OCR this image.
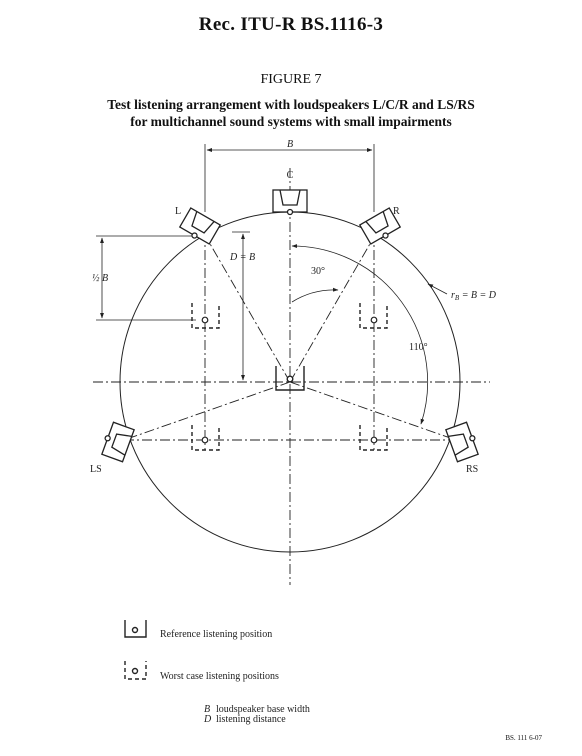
Rec. ITU-R BS.1116-3
FIGURE 7
Test listening arrangement with loudspeakers L/C/R and LS/RS
for multichannel sound systems with small impairments
B
C
L	R
LS	RS
D = B
½ B
30°
110°
$r_B = B = D$
Reference listening position
Worst case listening positions
B loudspeaker base width
D listening distance
BS. 111 6-07
